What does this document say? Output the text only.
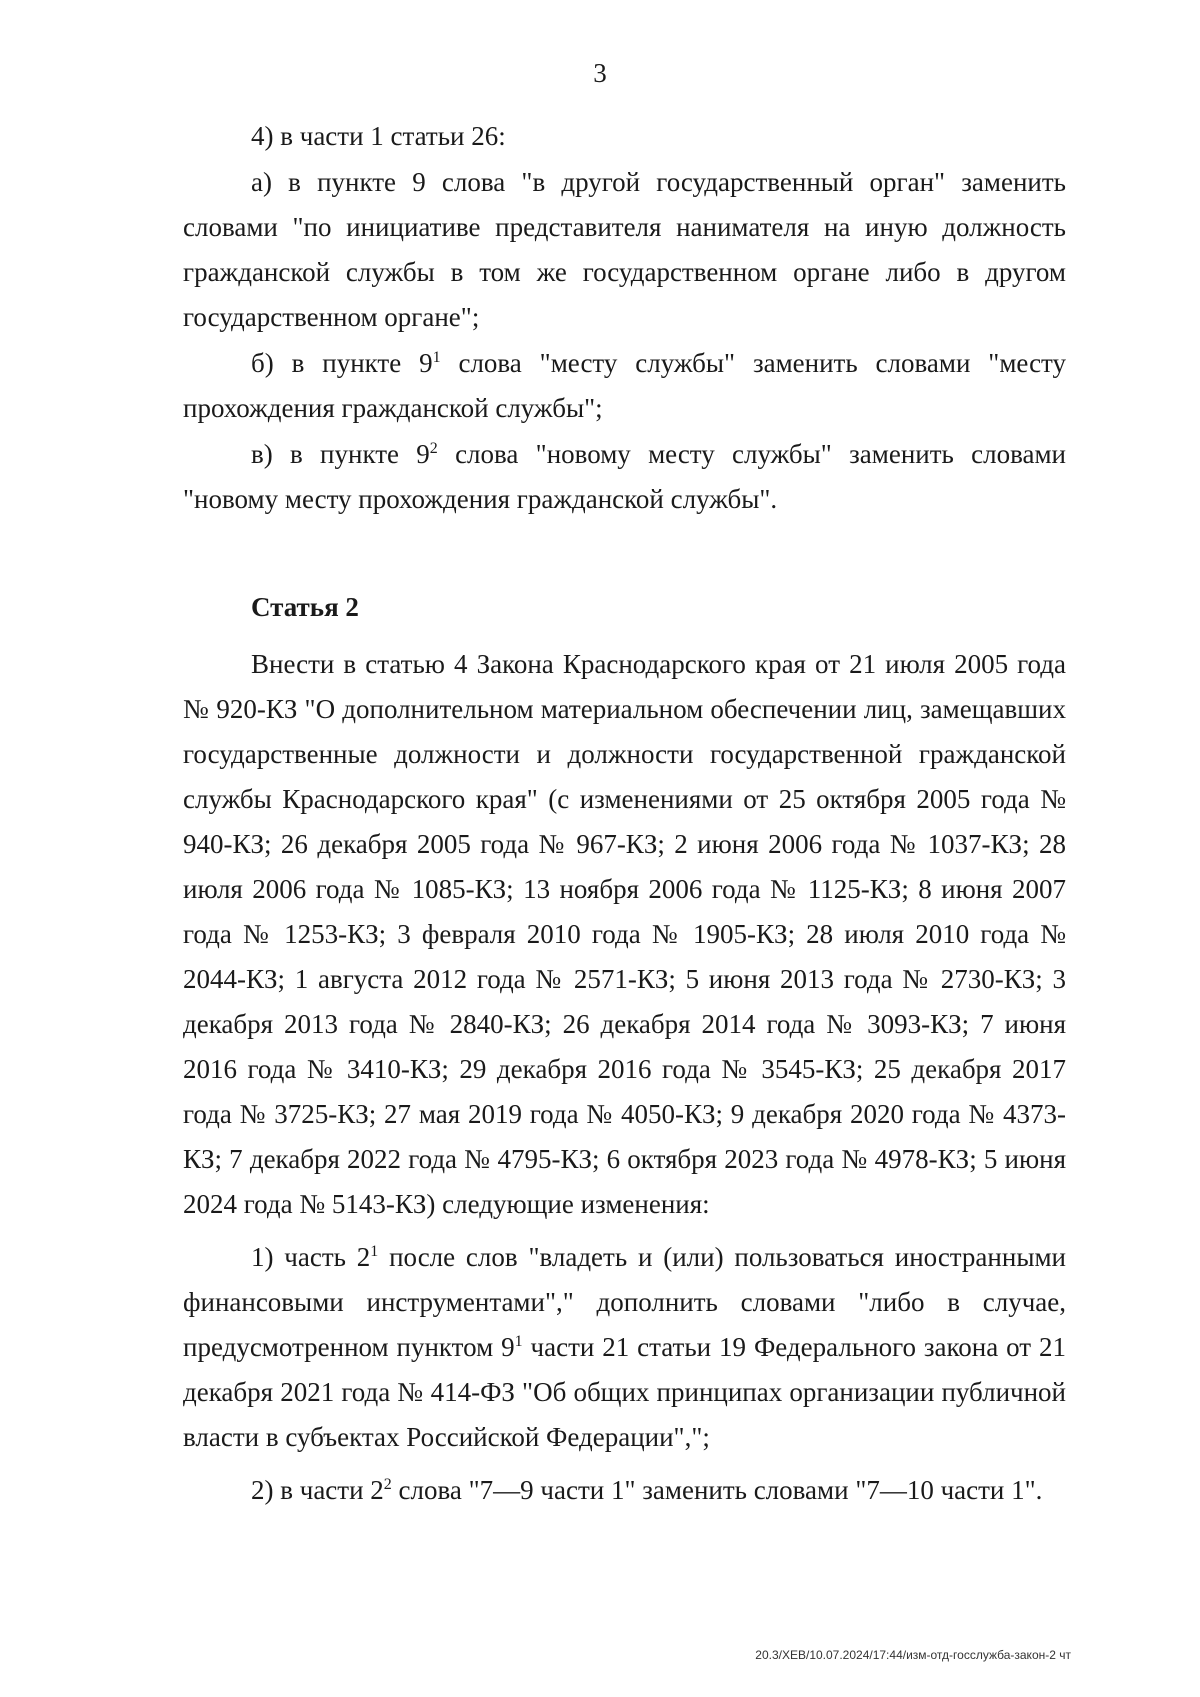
3

4) в части 1 статьи 26:

а) в пункте 9 слова "в другой государственный орган" заменить словами "по инициативе представителя нанимателя на иную должность гражданской службы в том же государственном органе либо в другом государственном органе";

б) в пункте $9^1$ слова "месту службы" заменить словами "месту прохождения гражданской службы";

в) в пункте $9^2$ слова "новому месту службы" заменить словами "новому месту прохождения гражданской службы".

Статья 2

Внести в статью 4 Закона Краснодарского края от 21 июля 2005 года № 920-КЗ "О дополнительном материальном обеспечении лиц, замещавших государственные должности и должности государственной гражданской службы Краснодарского края" (с изменениями от 25 октября 2005 года № 940-КЗ; 26 декабря 2005 года № 967-КЗ; 2 июня 2006 года № 1037-КЗ; 28 июля 2006 года № 1085-КЗ; 13 ноября 2006 года № 1125-КЗ; 8 июня 2007 года № 1253-КЗ; 3 февраля 2010 года № 1905-КЗ; 28 июля 2010 года № 2044-КЗ; 1 августа 2012 года № 2571-КЗ; 5 июня 2013 года № 2730-КЗ; 3 декабря 2013 года № 2840-КЗ; 26 декабря 2014 года № 3093-КЗ; 7 июня 2016 года № 3410-КЗ; 29 декабря 2016 года № 3545-КЗ; 25 декабря 2017 года № 3725-КЗ; 27 мая 2019 года № 4050-КЗ; 9 декабря 2020 года № 4373-КЗ; 7 декабря 2022 года № 4795-КЗ; 6 октября 2023 года № 4978-КЗ; 5 июня 2024 года № 5143-КЗ) следующие изменения:

1) часть $2^1$ после слов "владеть и (или) пользоваться иностранными финансовыми инструментами"," дополнить словами "либо в случае, предусмотренном пунктом $9^1$ части 21 статьи 19 Федерального закона от 21 декабря 2021 года № 414-ФЗ "Об общих принципах организации публичной власти в субъектах Российской Федерации",";

2) в части $2^2$ слова "7—9 части 1" заменить словами "7—10 части 1".

20.3/ХЕВ/10.07.2024/17:44/изм-отд-госслужба-закон-2 чт
